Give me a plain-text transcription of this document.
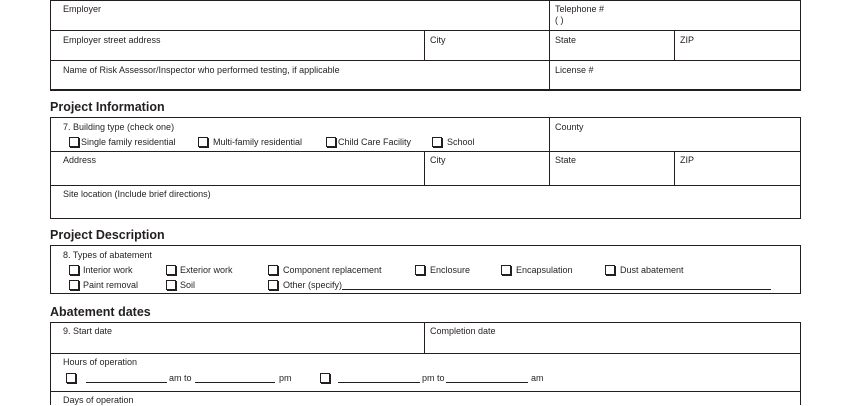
Employer	Telephone #
( )
Employer street address	City	State	ZIP
Name of Risk Assessor/Inspector who performed testing, if applicable	License #
Project Information
7. Building type (check one)
Single family residential	Multi-family residential	Child Care Facility	School
County
Address	City	State	ZIP
Site location (Include brief directions)
Project Description
8. Types of abatement
Interior work	Exterior work	Component replacement	Enclosure	Encapsulation	Dust abatement
Paint removal	Soil	Other (specify)
Abatement dates
9. Start date	Completion date
Hours of operation
am to	pm	pm to	am
Days of operation
